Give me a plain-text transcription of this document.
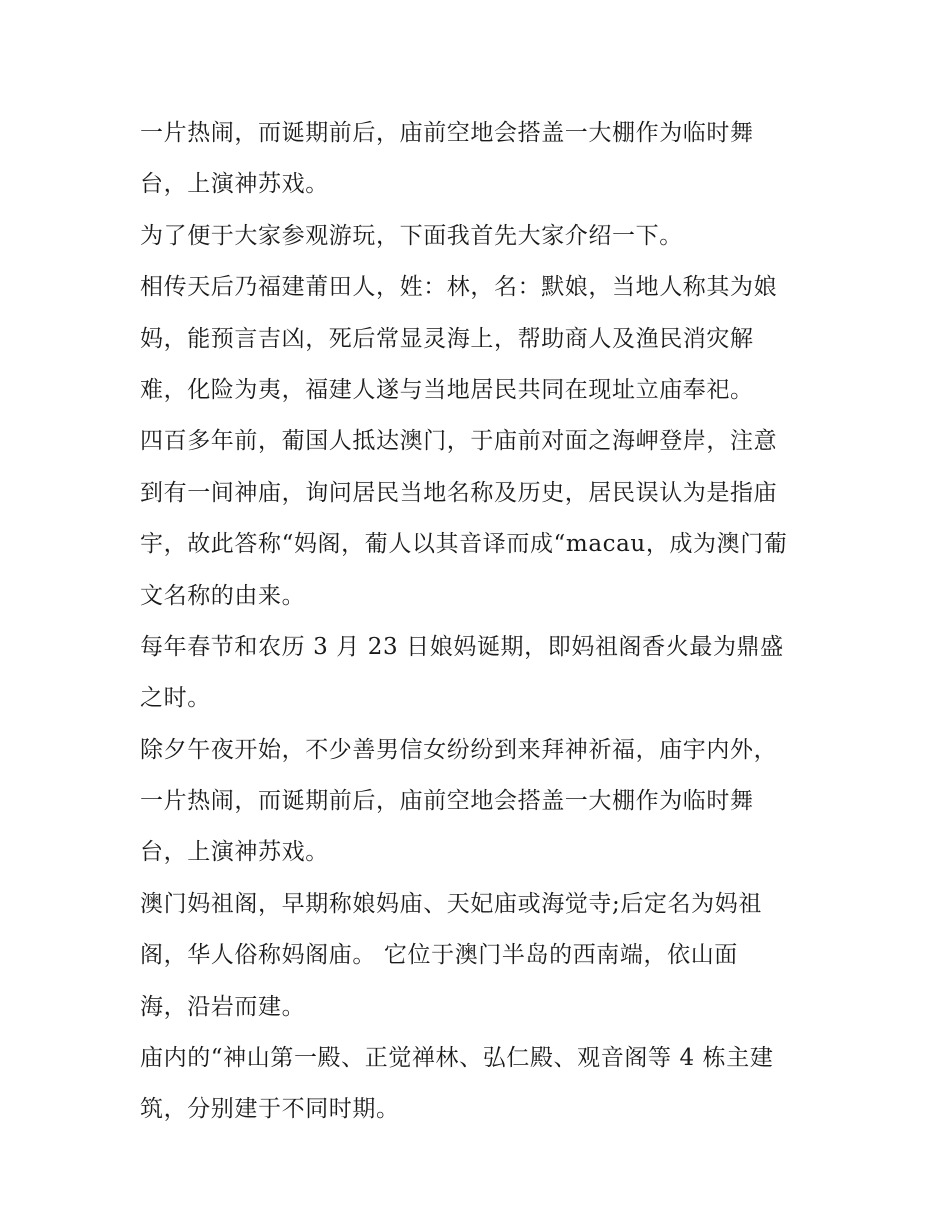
一片热闹，而诞期前后，庙前空地会搭盖一大棚作为临时舞
台，上演神苏戏。
为了便于大家参观游玩，下面我首先大家介绍一下。
相传天后乃福建莆田人，姓：林，名：默娘，当地人称其为娘
妈，能预言吉凶，死后常显灵海上，帮助商人及渔民消灾解
难，化险为夷，福建人遂与当地居民共同在现址立庙奉祀。
四百多年前，葡国人抵达澳门，于庙前对面之海岬登岸，注意
到有一间神庙，询问居民当地名称及历史，居民误认为是指庙
宇，故此答称“妈阁，葡人以其音译而成“macau，成为澳门葡
文名称的由来。
每年春节和农历 3 月 23 日娘妈诞期，即妈祖阁香火最为鼎盛
之时。
除夕午夜开始，不少善男信女纷纷到来拜神祈福，庙宇内外，
一片热闹，而诞期前后，庙前空地会搭盖一大棚作为临时舞
台，上演神苏戏。
澳门妈祖阁，早期称娘妈庙、天妃庙或海觉寺;后定名为妈祖
阁，华人俗称妈阁庙。 它位于澳门半岛的西南端，依山面
海，沿岩而建。
庙内的“神山第一殿、正觉禅林、弘仁殿、观音阁等 4 栋主建
筑，分别建于不同时期。
